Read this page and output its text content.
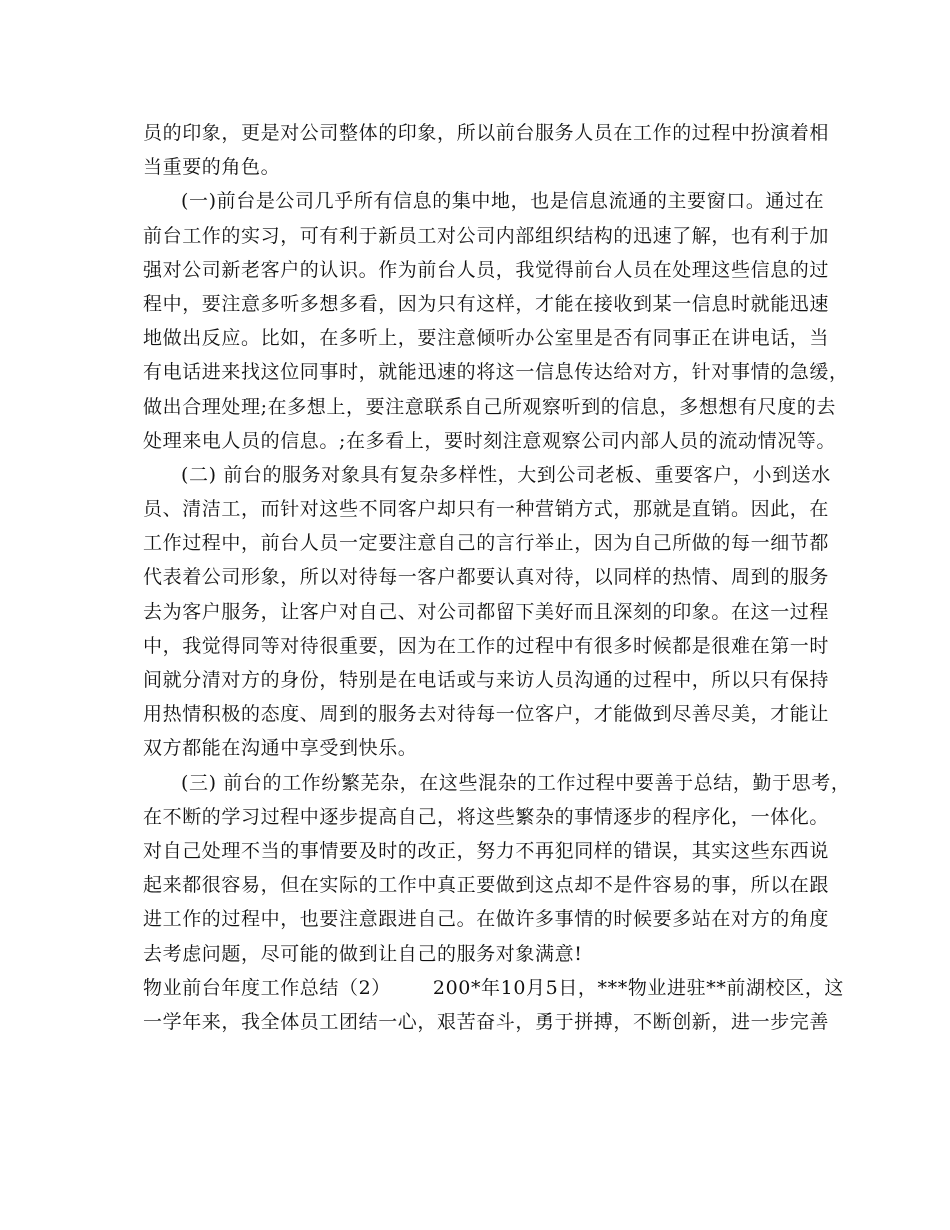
员的印象，更是对公司整体的印象，所以前台服务人员在工作的过程中扮演着相
当重要的角色。
(一)前台是公司几乎所有信息的集中地，也是信息流通的主要窗口。通过在
前台工作的实习，可有利于新员工对公司内部组织结构的迅速了解，也有利于加
强对公司新老客户的认识。作为前台人员，我觉得前台人员在处理这些信息的过
程中，要注意多听多想多看，因为只有这样，才能在接收到某一信息时就能迅速
地做出反应。比如，在多听上，要注意倾听办公室里是否有同事正在讲电话，当
有电话进来找这位同事时，就能迅速的将这一信息传达给对方，针对事情的急缓，
做出合理处理;在多想上，要注意联系自己所观察听到的信息，多想想有尺度的去
处理来电人员的信息。;在多看上，要时刻注意观察公司内部人员的流动情况等。
(二) 前台的服务对象具有复杂多样性，大到公司老板、重要客户，小到送水
员、清洁工，而针对这些不同客户却只有一种营销方式，那就是直销。因此，在
工作过程中，前台人员一定要注意自己的言行举止，因为自己所做的每一细节都
代表着公司形象，所以对待每一客户都要认真对待，以同样的热情、周到的服务
去为客户服务，让客户对自己、对公司都留下美好而且深刻的印象。在这一过程
中，我觉得同等对待很重要，因为在工作的过程中有很多时候都是很难在第一时
间就分清对方的身份，特别是在电话或与来访人员沟通的过程中，所以只有保持
用热情积极的态度、周到的服务去对待每一位客户，才能做到尽善尽美，才能让
双方都能在沟通中享受到快乐。
(三) 前台的工作纷繁芜杂，在这些混杂的工作过程中要善于总结，勤于思考，
在不断的学习过程中逐步提高自己，将这些繁杂的事情逐步的程序化，一体化。
对自己处理不当的事情要及时的改正，努力不再犯同样的错误，其实这些东西说
起来都很容易，但在实际的工作中真正要做到这点却不是件容易的事，所以在跟
进工作的过程中，也要注意跟进自己。在做许多事情的时候要多站在对方的角度
去考虑问题，尽可能的做到让自己的服务对象满意!
物业前台年度工作总结（2） 200*年10月5日，***物业进驻**前湖校区，这
一学年来，我全体员工团结一心，艰苦奋斗，勇于拼搏，不断创新，进一步完善
